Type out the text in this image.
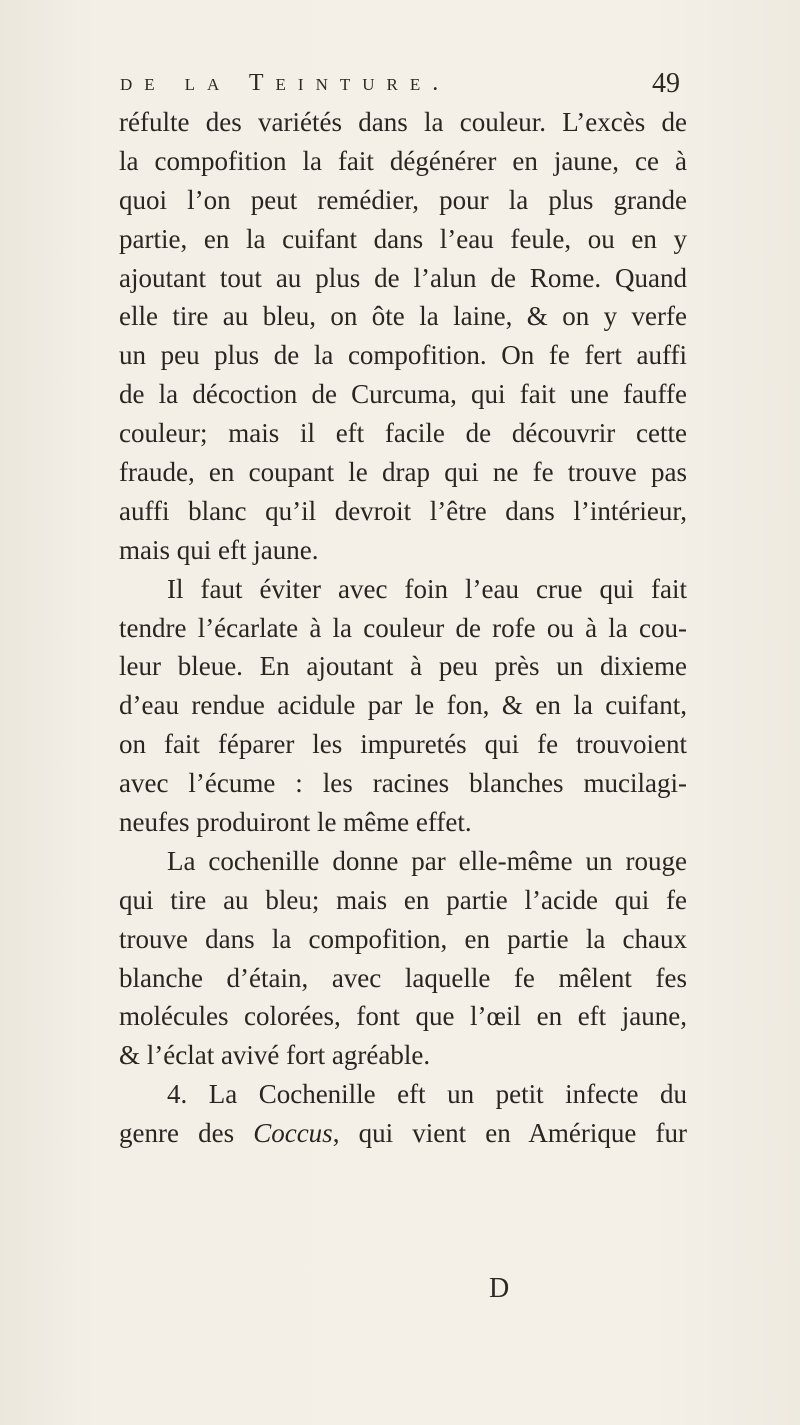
de la Teinture.	49
réfulte des variétés dans la couleur. L’excès de
la compofition la fait dégénérer en jaune, ce à
quoi l’on peut remédier, pour la plus grande
partie, en la cuifant dans l’eau feule, ou en y
ajoutant tout au plus de l’alun de Rome. Quand
elle tire au bleu, on ôte la laine, & on y verfe
un peu plus de la compofition. On fe fert auffi
de la décoction de Curcuma, qui fait une fauffe
couleur; mais il eft facile de découvrir cette
fraude, en coupant le drap qui ne fe trouve pas
auffi blanc qu’il devroit l’être dans l’intérieur,
mais qui eft jaune.
Il faut éviter avec foin l’eau crue qui fait
tendre l’écarlate à la couleur de rofe ou à la cou-
leur bleue. En ajoutant à peu près un dixieme
d’eau rendue acidule par le fon, & en la cuifant,
on fait féparer les impuretés qui fe trouvoient
avec l’écume : les racines blanches mucilagi-
neufes produiront le même effet.
La cochenille donne par elle-même un rouge
qui tire au bleu; mais en partie l’acide qui fe
trouve dans la compofition, en partie la chaux
blanche d’étain, avec laquelle fe mêlent fes
molécules colorées, font que l’œil en eft jaune,
& l’éclat avivé fort agréable.
4. La Cochenille eft un petit infecte du
genre des Coccus, qui vient en Amérique fur
D
